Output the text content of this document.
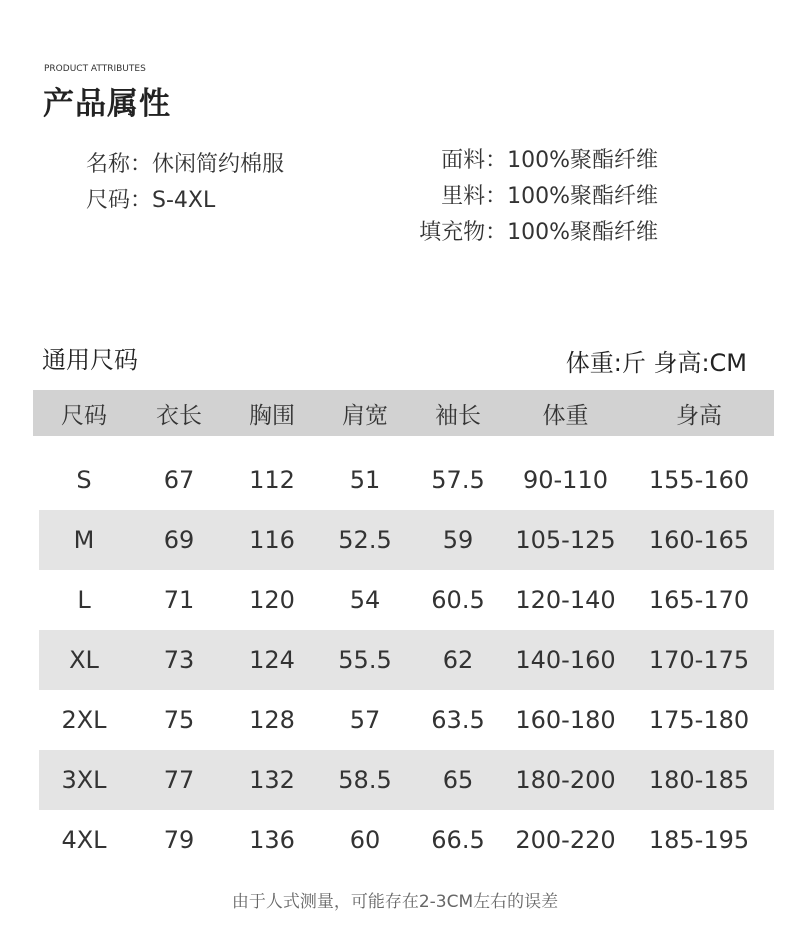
PRODUCT ATTRIBUTES
产品属性
名称：休闲简约棉服
尺码：S-4XL
面料：100%聚酯纤维
里料：100%聚酯纤维
填充物：100%聚酯纤维
通用尺码	体重:斤 身高:CM
尺码	衣长	胸围	肩宽	袖长	体重	身高

S	67	112	51	57.5	90-110	155-160
M	69	116	52.5	59	105-125	160-165
L	71	120	54	60.5	120-140	165-170
XL	73	124	55.5	62	140-160	170-175
2XL	75	128	57	63.5	160-180	175-180
3XL	77	132	58.5	65	180-200	180-185
4XL	79	136	60	66.5	200-220	185-195
由于人式测量，可能存在2-3CM左右的误差
